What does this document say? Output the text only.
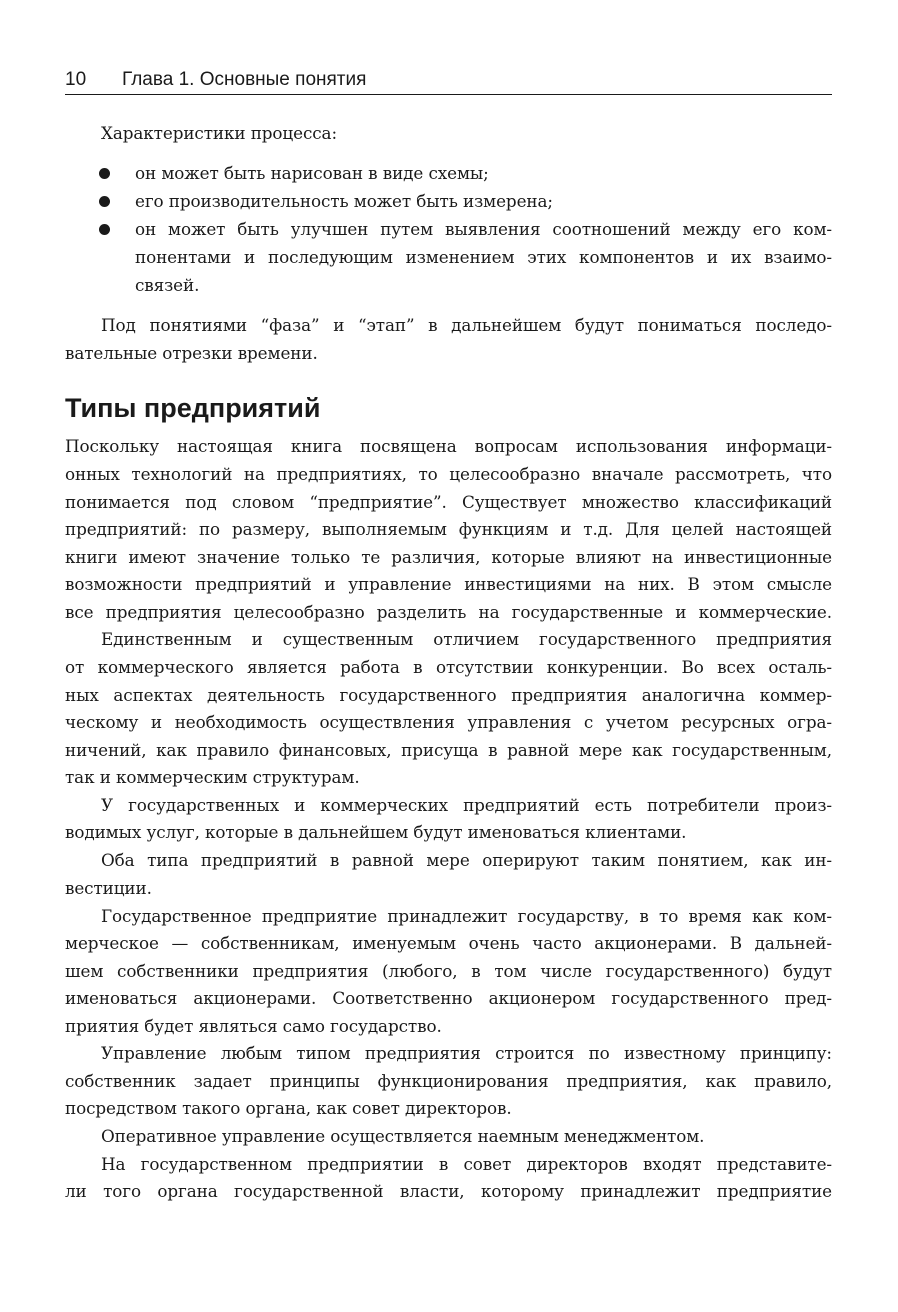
10 Глава 1. Основные понятия
Характеристики процесса:
он может быть нарисован в виде схемы;
его производительность может быть измерена;
он может быть улучшен путем выявления соотношений между его ком-
понентами и последующим изменением этих компонентов и их взаимо-
связей.
Под понятиями “фаза” и “этап” в дальнейшем будут пониматься последо-
вательные отрезки времени.
Типы предприятий
Поскольку настоящая книга посвящена вопросам использования информаци-
онных технологий на предприятиях, то целесообразно вначале рассмотреть, что
понимается под словом “предприятие”. Существует множество классификаций
предприятий: по размеру, выполняемым функциям и т.д. Для целей настоящей
книги имеют значение только те различия, которые влияют на инвестиционные
возможности предприятий и управление инвестициями на них. В этом смысле
все предприятия целесообразно разделить на государственные и коммерческие.
Единственным и существенным отличием государственного предприятия
от коммерческого является работа в отсутствии конкуренции. Во всех осталь-
ных аспектах деятельность государственного предприятия аналогична коммер-
ческому и необходимость осуществления управления с учетом ресурсных огра-
ничений, как правило финансовых, присуща в равной мере как государственным,
так и коммерческим структурам.
У государственных и коммерческих предприятий есть потребители произ-
водимых услуг, которые в дальнейшем будут именоваться клиентами.
Оба типа предприятий в равной мере оперируют таким понятием, как ин-
вестиции.
Государственное предприятие принадлежит государству, в то время как ком-
мерческое — собственникам, именуемым очень часто акционерами. В дальней-
шем собственники предприятия (любого, в том числе государственного) будут
именоваться акционерами. Соответственно акционером государственного пред-
приятия будет являться само государство.
Управление любым типом предприятия строится по известному принципу:
собственник задает принципы функционирования предприятия, как правило,
посредством такого органа, как совет директоров.
Оперативное управление осуществляется наемным менеджментом.
На государственном предприятии в совет директоров входят представите-
ли того органа государственной власти, которому принадлежит предприятие
